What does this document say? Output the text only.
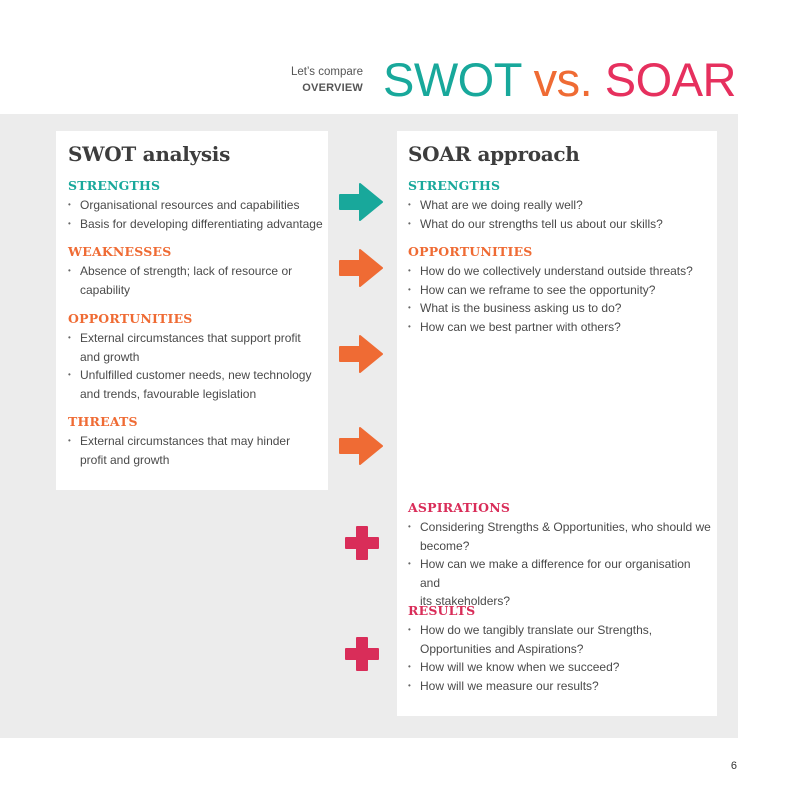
Let’s compare
OVERVIEW SWOT vs. SOAR
SWOT analysis
STRENGTHS
• Organisational resources and capabilities
• Basis for developing differentiating advantage
WEAKNESSES
• Absence of strength; lack of resource or
capability
OPPORTUNITIES
• External circumstances that support profit
and growth
• Unfulfilled customer needs, new technology
and trends, favourable legislation
THREATS
• External circumstances that may hinder
profit and growth
SOAR approach
STRENGTHS
• What are we doing really well?
• What do our strengths tell us about our skills?
OPPORTUNITIES
• How do we collectively understand outside threats?
• How can we reframe to see the opportunity?
• What is the business asking us to do?
• How can we best partner with others?
ASPIRATIONS
• Considering Strengths & Opportunities, who should we
become?
• How can we make a difference for our organisation and
its stakeholders?
RESULTS
• How do we tangibly translate our Strengths,
Opportunities and Aspirations?
• How will we know when we succeed?
• How will we measure our results?
6
